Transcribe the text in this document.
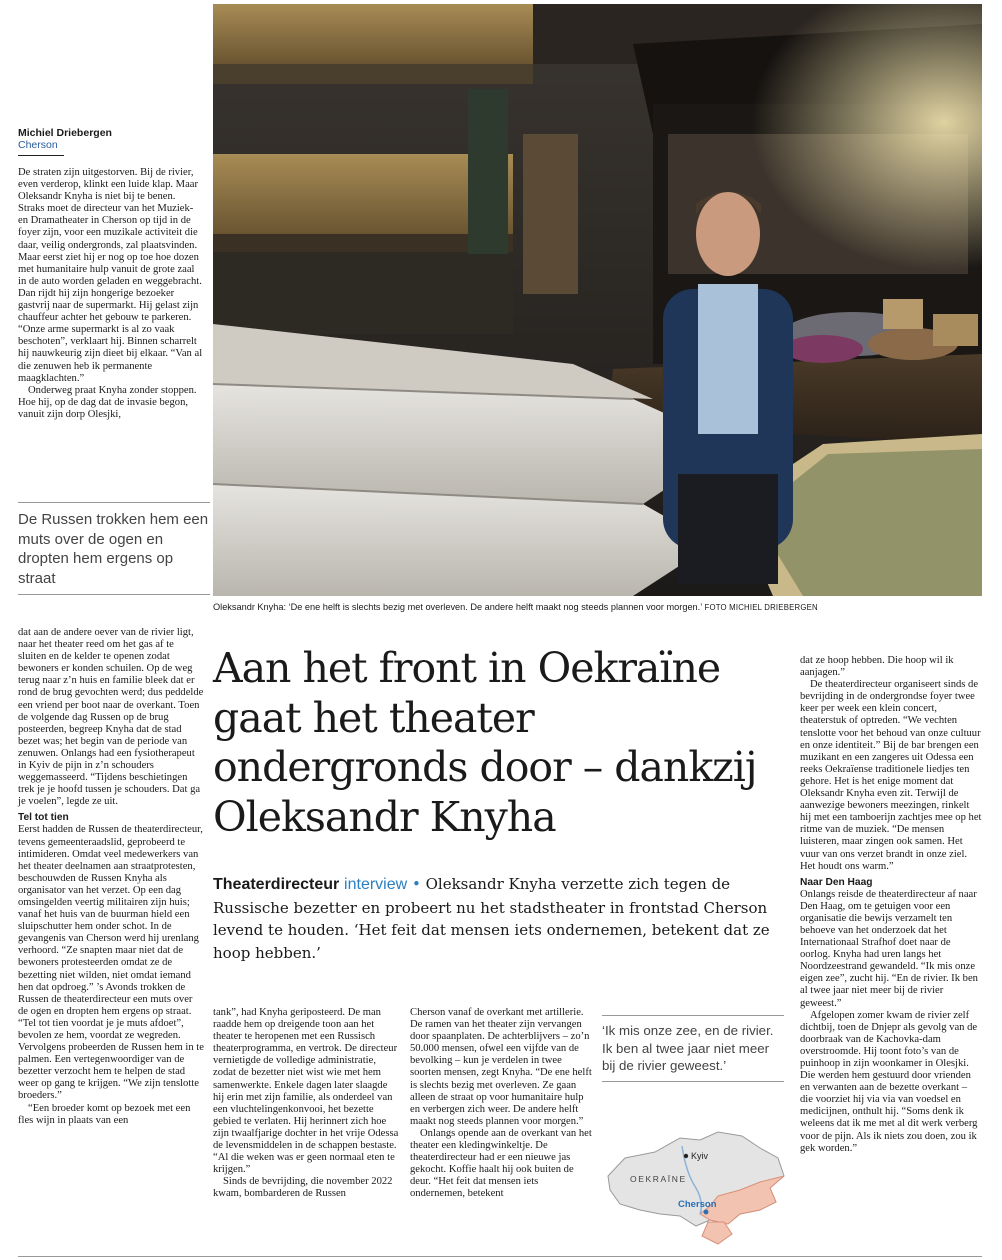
Michiel Driebergen
Cherson

De straten zijn uitgestorven. Bij de rivier, even verderop, klinkt een luide klap. Maar Oleksandr Knyha is niet bij te benen. Straks moet de directeur van het Muziek- en Dramatheater in Cherson op tijd in de foyer zijn, voor een muzikale activiteit die daar, veilig ondergronds, zal plaatsvinden. Maar eerst ziet hij er nog op toe hoe dozen met humanitaire hulp vanuit de grote zaal in de auto worden geladen en weggebracht. Dan rijdt hij zijn hongerige bezoeker gastvrij naar de supermarkt. Hij gelast zijn chauffeur achter het gebouw te parkeren. “Onze arme supermarkt is al zo vaak beschoten”, verklaart hij. Binnen scharrelt hij nauwkeurig zijn dieet bij elkaar. “Van al die zenuwen heb ik permanente maagklachten.”

Onderweg praat Knyha zonder stoppen. Hoe hij, op de dag dat de invasie begon, vanuit zijn dorp Olesjki,

De Russen trokken hem een muts over de ogen en dropten hem ergens op straat
Oleksandr Knyha: ‘De ene helft is slechts bezig met overleven. De andere helft maakt nog steeds plannen voor morgen.’ FOTO MICHIEL DRIEBERGEN

dat aan de andere oever van de rivier ligt, naar het theater reed om het gas af te sluiten en de kelder te openen zodat bewoners er konden schuilen. Op de weg terug naar z’n huis en familie bleek dat er rond de brug gevochten werd; dus peddelde een vriend per boot naar de overkant. Toen de volgende dag Russen op de brug posteerden, begreep Knyha dat de stad bezet was; het begin van de periode van zenuwen. Onlangs had een fysiotherapeut in Kyiv de pijn in z’n schouders weggemasseerd. “Tijdens beschietingen trek je je hoofd tussen je schouders. Dat ga je voelen”, legde ze uit.

Tel tot tien

Eerst hadden de Russen de theaterdirecteur, tevens gemeenteraadslid, geprobeerd te intimideren. Omdat veel medewerkers van het theater deelnamen aan straatprotesten, beschouwden de Russen Knyha als organisator van het verzet. Op een dag omsingelden veertig militairen zijn huis; vanaf het huis van de buurman hield een sluipschutter hem onder schot. In de gevangenis van Cherson werd hij urenlang verhoord. “Ze snapten maar niet dat de bewoners protesteerden omdat ze de bezetting niet wilden, niet omdat iemand hen dat opdroeg.” ’s Avonds trokken de Russen de theaterdirecteur een muts over de ogen en dropten hem ergens op straat. “Tel tot tien voordat je je muts afdoet”, bevolen ze hem, voordat ze wegreden. Vervolgens probeerden de Russen hem in te palmen. Een vertegenwoordiger van de bezetter verzocht hem te helpen de stad weer op gang te krijgen. “We zijn tenslotte broeders.”

“Een broeder komt op bezoek met een fles wijn in plaats van een

Aan het front in Oekraïne gaat het theater ondergronds door – dankzij Oleksandr Knyha
Theaterdirecteur interview • Oleksandr Knyha verzette zich tegen de Russische bezetter en probeert nu het stadstheater in frontstad Cherson levend te houden. ‘Het feit dat mensen iets ondernemen, betekent dat ze hoop hebben.’

tank”, had Knyha geriposteerd. De man raadde hem op dreigende toon aan het theater te heropenen met een Russisch theaterprogramma, en vertrok. De directeur vernietigde de volledige administratie, zodat de bezetter niet wist wie met hem samenwerkte. Enkele dagen later slaagde hij erin met zijn familie, als onderdeel van een vluchtelingenkonvooi, het bezette gebied te verlaten. Hij herinnert zich hoe zijn twaalfjarige dochter in het vrije Odessa de levensmiddelen in de schappen bestaste. “Al die weken was er geen normaal eten te krijgen.”

Sinds de bevrijding, die november 2022 kwam, bombarderen de Russen

Cherson vanaf de overkant met artillerie. De ramen van het theater zijn vervangen door spaanplaten. De achterblijvers – zo’n 50.000 mensen, ofwel een vijfde van de bevolking – kun je verdelen in twee soorten mensen, zegt Knyha. “De ene helft is slechts bezig met overleven. Ze gaan alleen de straat op voor humanitaire hulp en verbergen zich weer. De andere helft maakt nog steeds plannen voor morgen.”

Onlangs opende aan de overkant van het theater een kledingwinkeltje. De theaterdirecteur had er een nieuwe jas gekocht. Koffie haalt hij ook buiten de deur. “Het feit dat mensen iets ondernemen, betekent

‘Ik mis onze zee, en de rivier. Ik ben al twee jaar niet meer bij de rivier geweest.’
Kyiv
OEKRAÏNE
Cherson

dat ze hoop hebben. Die hoop wil ik aanjagen.”

De theaterdirecteur organiseert sinds de bevrijding in de ondergrondse foyer twee keer per week een klein concert, theaterstuk of optreden. “We vechten tenslotte voor het behoud van onze cultuur en onze identiteit.” Bij de bar brengen een muzikant en een zangeres uit Odessa een reeks Oekraïense traditionele liedjes ten gehore. Het is het enige moment dat Oleksandr Knyha even zit. Terwijl de aanwezige bewoners meezingen, rinkelt hij met een tamboerijn zachtjes mee op het ritme van de muziek. “De mensen luisteren, maar zingen ook samen. Het vuur van ons verzet brandt in onze ziel. Het houdt ons warm.”

Naar Den Haag

Onlangs reisde de theaterdirecteur af naar Den Haag, om te getuigen voor een organisatie die bewijs verzamelt ten behoeve van het onderzoek dat het Internationaal Strafhof doet naar de oorlog. Knyha had uren langs het Noordzeestrand gewandeld. “Ik mis onze eigen zee”, zucht hij. “En de rivier. Ik ben al twee jaar niet meer bij de rivier geweest.”

Afgelopen zomer kwam de rivier zelf dichtbij, toen de Dnjepr als gevolg van de doorbraak van de Kachovka-dam overstroomde. Hij toont foto’s van de puinhoop in zijn woonkamer in Olesjki. Die werden hem gestuurd door vrienden en verwanten aan de bezette overkant – die voorziet hij via via van voedsel en medicijnen, onthult hij. “Soms denk ik weleens dat ik me met al dit werk verberg voor de pijn. Als ik niets zou doen, zou ik gek worden.”
